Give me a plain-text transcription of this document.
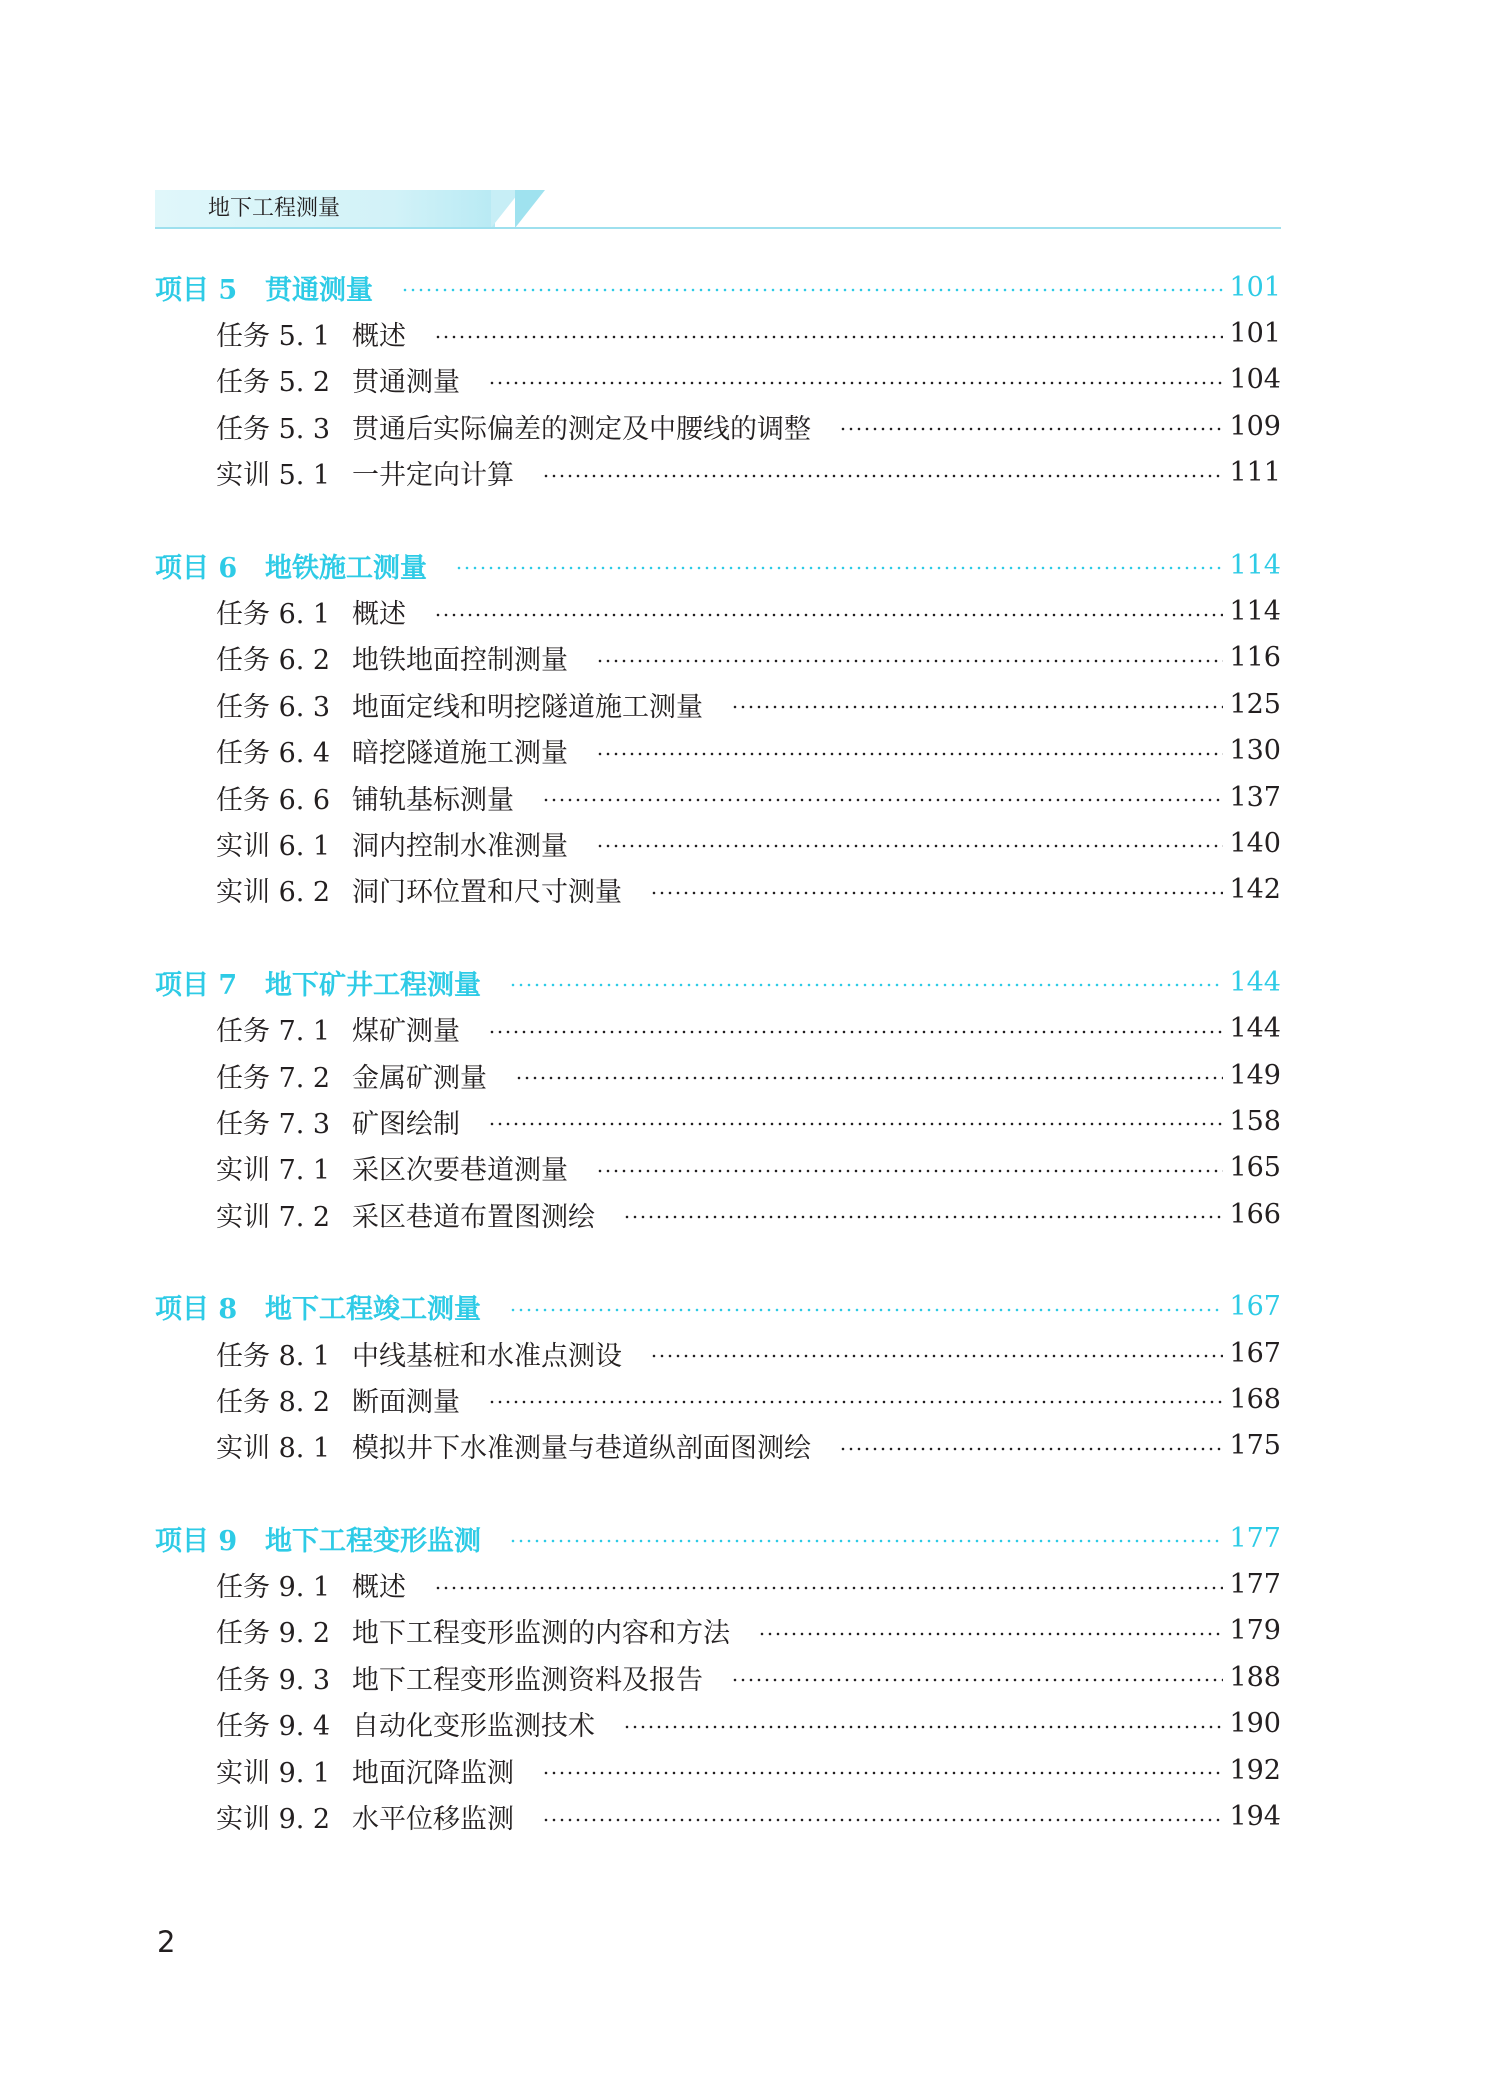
地下工程测量
项目 5	贯通测量	101
任务 5. 1 概述	101
任务 5. 2 贯通测量	104
任务 5. 3 贯通后实际偏差的测定及中腰线的调整	109
实训 5. 1 一井定向计算	111
项目 6	地铁施工测量	114
任务 6. 1 概述	114
任务 6. 2 地铁地面控制测量	116
任务 6. 3 地面定线和明挖隧道施工测量	125
任务 6. 4 暗挖隧道施工测量	130
任务 6. 6 铺轨基标测量	137
实训 6. 1 洞内控制水准测量	140
实训 6. 2 洞门环位置和尺寸测量	142
项目 7	地下矿井工程测量	144
任务 7. 1 煤矿测量	144
任务 7. 2 金属矿测量	149
任务 7. 3 矿图绘制	158
实训 7. 1 采区次要巷道测量	165
实训 7. 2 采区巷道布置图测绘	166
项目 8	地下工程竣工测量	167
任务 8. 1 中线基桩和水准点测设	167
任务 8. 2 断面测量	168
实训 8. 1 模拟井下水准测量与巷道纵剖面图测绘	175
项目 9	地下工程变形监测	177
任务 9. 1 概述	177
任务 9. 2 地下工程变形监测的内容和方法	179
任务 9. 3 地下工程变形监测资料及报告	188
任务 9. 4 自动化变形监测技术	190
实训 9. 1 地面沉降监测	192
实训 9. 2 水平位移监测	194
2
